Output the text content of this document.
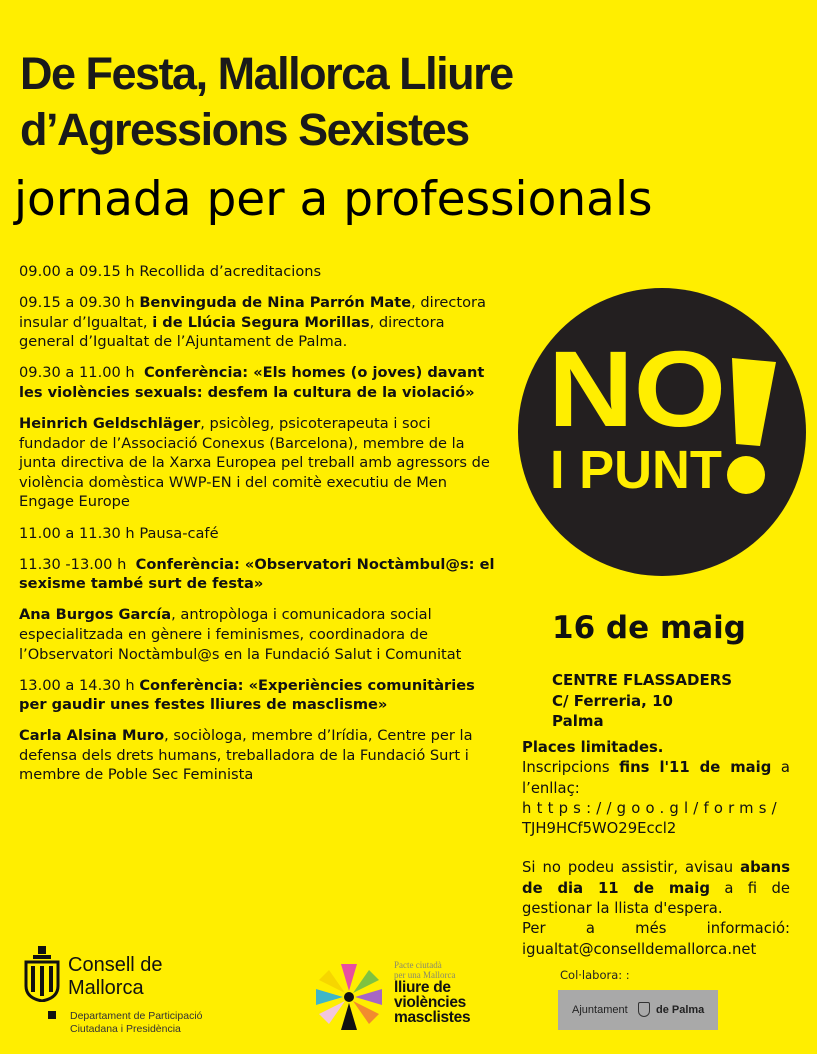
De Festa, Mallorca Lliure
d’Agressions Sexistes
jornada per a professionals
09.00 a 09.15 h Recollida d’acreditacions
09.15 a 09.30 h Benvinguda de Nina Parrón Mate, directora insular d’Igualtat, i de Llúcia Segura Morillas, directora general d’Igualtat de l’Ajuntament de Palma.
09.30 a 11.00 h Conferència: «Els homes (o joves) davant les violències sexuals: desfem la cultura de la violació»
Heinrich Geldschläger, psicòleg, psicoterapeuta i soci fundador de l’Associació Conexus (Barcelona), membre de la junta directiva de la Xarxa Europea pel treball amb agressors de violència domèstica WWP-EN i del comitè executiu de Men Engage Europe
11.00 a 11.30 h Pausa-café
11.30 -13.00 h Conferència: «Observatori Noctàmbul@s: el sexisme també surt de festa»
Ana Burgos García, antropòloga i comunicadora social especialitzada en gènere i feminismes, coordinadora de l’Observatori Noctàmbul@s en la Fundació Salut i Comunitat
13.00 a 14.30 h Conferència: «Experiències comunitàries per gaudir unes festes lliures de masclisme»
Carla Alsina Muro, sociòloga, membre d’Irídia, Centre per la defensa dels drets humans, treballadora de la Fundació Surt i membre de Poble Sec Feminista
NO
I PUNT
16 de maig
CENTRE FLASSADERS
C/ Ferreria, 10
Palma

Places limitades.

Inscripcions fins l'11 de maig a l’enllaç:

https://goo.gl/forms/

TJH9HCf5WO29Eccl2

Si no podeu assistir, avisau abans de dia 11 de maig a fi de gestionar la llista d'espera.

Per a més informació:

igualtat@conselldemallorca.net

Consell de
Mallorca
Departament de Participació
Ciutadana i Presidència
Pacte ciutadà
per una Mallorca
lliure de
violències
masclistes
Col·labora: :
Ajuntament	de Palma
